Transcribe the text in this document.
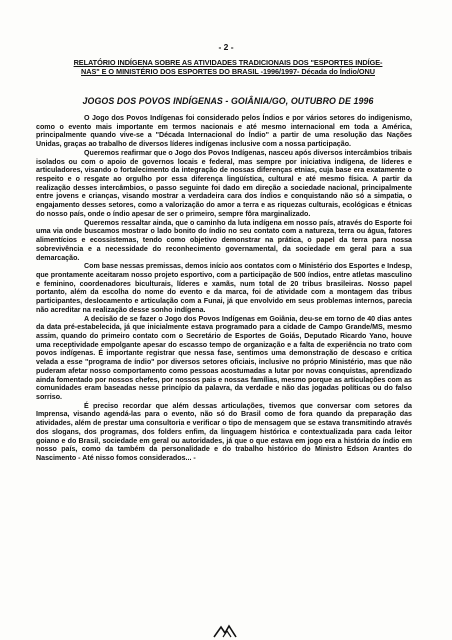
- 2 -
RELATÓRIO INDÍGENA SOBRE AS ATIVIDADES TRADICIONAIS DOS "ESPORTES INDÍGE-
NAS" E O MINISTÉRIO DOS ESPORTES DO BRASIL -1996/1997- Década do Índio/ONU
JOGOS DOS POVOS INDÍGENAS - GOIÂNIA/GO, OUTUBRO DE 1996

O Jogo dos Povos Indígenas foi considerado pelos Índios e por vários setores do indigenismo, como o evento mais importante em termos nacionais e até mesmo internacional em toda a América, principalmente quando vive-se a "Década Internacional do Índio" a partir de uma resolução das Nações Unidas, graças ao trabalho de diversos líderes indígenas inclusive com a nossa participação.

Queremos reafirmar que o Jogo dos Povos Indígenas, nasceu após diversos intercâmbios tribais isolados ou com o apoio de governos locais e federal, mas sempre por iniciativa indígena, de líderes e articuladores, visando o fortalecimento da integração de nossas diferenças etnias, cuja base era exatamente o respeito e o resgate ao orgulho por essa diferença lingüística, cultural e até mesmo física. A partir da realização desses intercâmbios, o passo seguinte foi dado em direção a sociedade nacional, principalmente entre jovens e crianças, visando mostrar a verdadeira cara dos índios e conquistando não só a simpatia, o engajamento desses setores, como a valorização do amor a terra e as riquezas culturais, ecológicas e étnicas do nosso país, onde o índio apesar de ser o primeiro, sempre fôra marginalizado.

Queremos ressaltar ainda, que o caminho da luta indígena em nosso país, através do Esporte foi uma via onde buscamos mostrar o lado bonito do índio no seu contato com a natureza, terra ou água, fatores alimentícios e ecossistemas, tendo como objetivo demonstrar na prática, o papel da terra para nossa sobrevivência e a necessidade do reconhecimento governamental, da sociedade em geral para a sua demarcação.

Com base nessas premissas, demos início aos contatos com o Ministério dos Esportes e Indesp, que prontamente aceitaram nosso projeto esportivo, com a participação de 500 índios, entre atletas masculino e feminino, coordenadores biculturais, líderes e xamãs, num total de 20 tribus brasileiras. Nosso papel portanto, além da escolha do nome do evento e da marca, foi de atividade com a montagem das tribus participantes, deslocamento e articulação com a Funai, já que envolvido em seus problemas internos, parecia não acreditar na realização desse sonho indígena.

A decisão de se fazer o Jogo dos Povos Indígenas em Goiânia, deu-se em torno de 40 dias antes da data pré-estabelecida, já que inicialmente estava programado para a cidade de Campo Grande/MS, mesmo assim, quando do primeiro contato com o Secretário de Esportes de Goiás, Deputado Ricardo Yano, houve uma receptividade empolgante apesar do escasso tempo de organização e a falta de experiência no trato com povos indígenas. É importante registrar que nessa fase, sentimos uma demonstração de descaso e crítica velada a esse "programa de índio" por diversos setores oficiais, inclusive no próprio Ministério, mas que não puderam afetar nosso comportamento como pessoas acostumadas a lutar por novas conquistas, aprendizado ainda fomentado por nossos chefes, por nossos pais e nossas famílias, mesmo porque as articulações com as comunidades eram baseadas nesse princípio da palavra, da verdade e não das jogadas políticas ou do falso sorriso.

É preciso recordar que além dessas articulações, tivemos que conversar com setores da Imprensa, visando agendá-las para o evento, não só do Brasil como de fora quando da preparação das atividades, além de prestar uma consultoria e verificar o tipo de mensagem que se estava transmitindo através dos slogans, dos programas, dos folders enfim, da linguagem histórica e contextualizada para cada leitor goiano e do Brasil, sociedade em geral ou autoridades, já que o que estava em jogo era a história do índio em nosso país, como da também da personalidade e do trabalho histórico do Ministro Edson Arantes do Nascimento - Até nisso fomos considerados... -
